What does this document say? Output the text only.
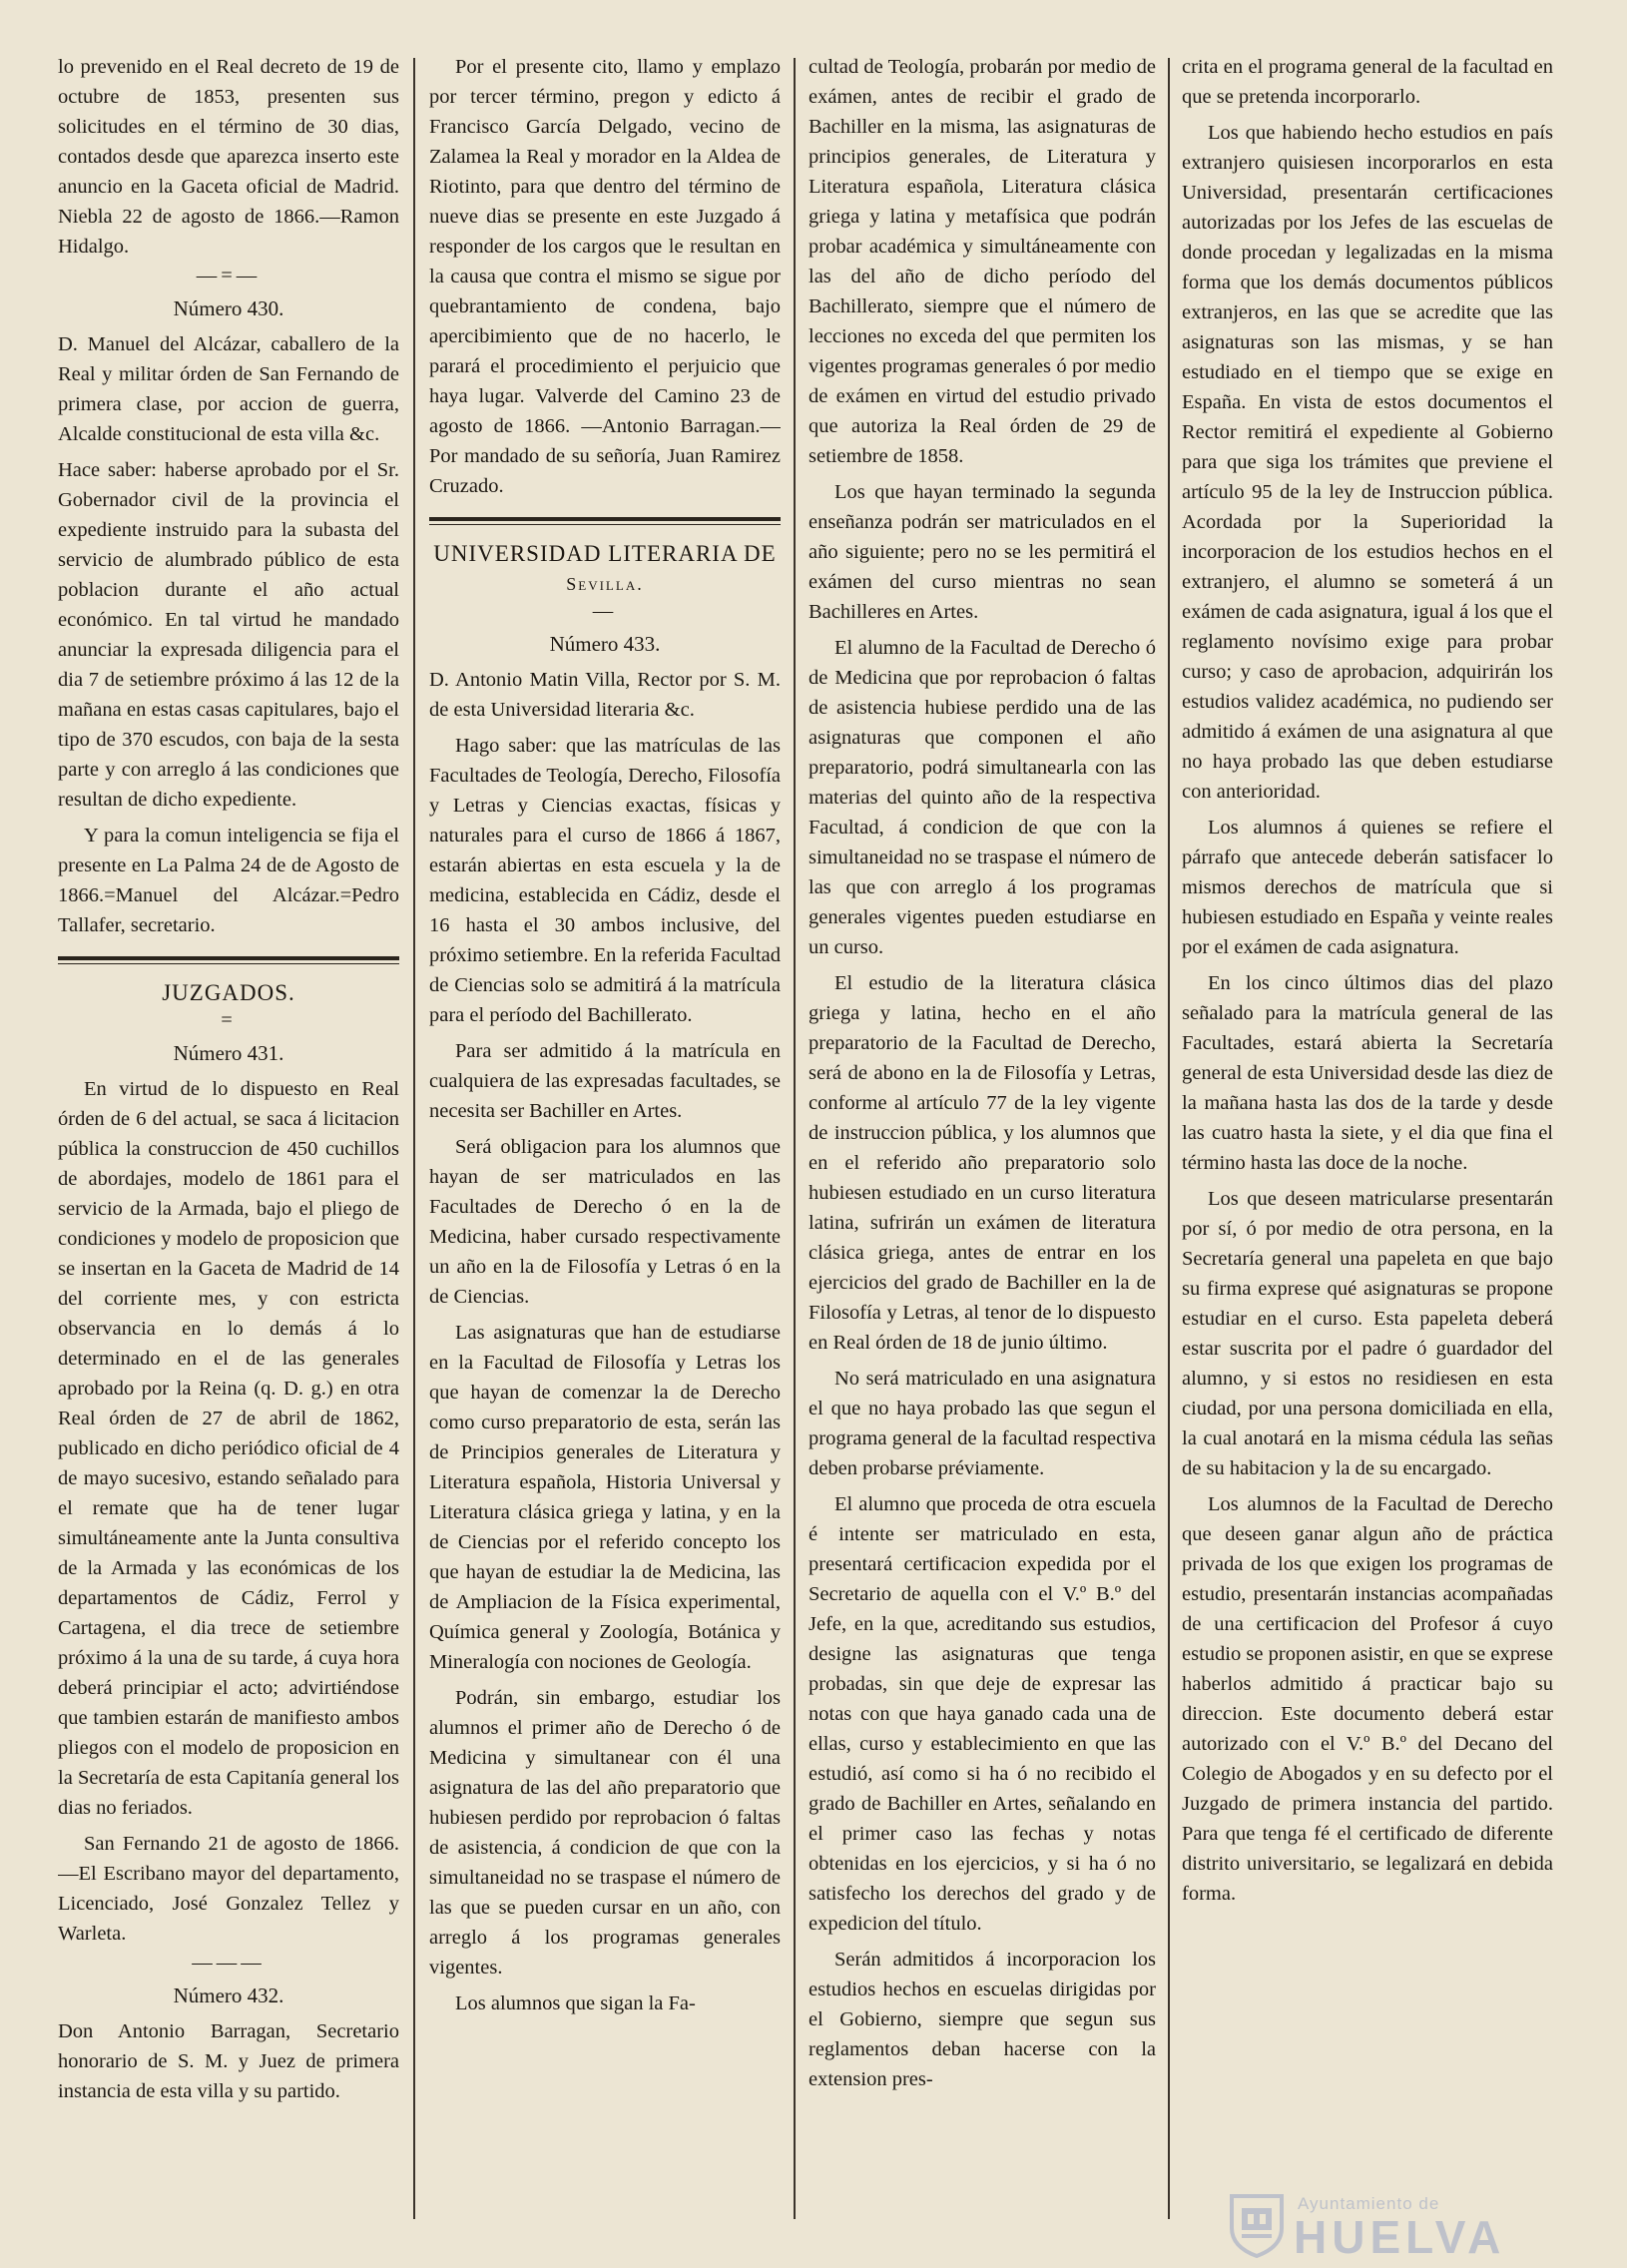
lo prevenido en el Real decreto de 19 de octubre de 1853, presenten sus solicitudes en el término de 30 dias, contados desde que aparezca inserto este anuncio en la Gaceta oficial de Madrid. Niebla 22 de agosto de 1866.—Ramon Hidalgo.

—=—
Número 430.

D. Manuel del Alcázar, caballero de la Real y militar órden de San Fernando de primera clase, por accion de guerra, Alcalde constitucional de esta villa &c.

Hace saber: haberse aprobado por el Sr. Gobernador civil de la provincia el expediente instruido para la subasta del servicio de alumbrado público de esta poblacion durante el año actual económico. En tal virtud he mandado anunciar la expresada diligencia para el dia 7 de setiembre próximo á las 12 de la mañana en estas casas capitulares, bajo el tipo de 370 escudos, con baja de la sesta parte y con arreglo á las condiciones que resultan de dicho expediente.

Y para la comun inteligencia se fija el presente en La Palma 24 de de Agosto de 1866.=Manuel del Alcázar.=Pedro Tallafer, secretario.

JUZGADOS.
=
Número 431.

En virtud de lo dispuesto en Real órden de 6 del actual, se saca á licitacion pública la construccion de 450 cuchillos de abordajes, modelo de 1861 para el servicio de la Armada, bajo el pliego de condiciones y modelo de proposicion que se insertan en la Gaceta de Madrid de 14 del corriente mes, y con estricta observancia en lo demás á lo determinado en el de las generales aprobado por la Reina (q. D. g.) en otra Real órden de 27 de abril de 1862, publicado en dicho periódico oficial de 4 de mayo sucesivo, estando señalado para el remate que ha de tener lugar simultáneamente ante la Junta consultiva de la Armada y las económicas de los departamentos de Cádiz, Ferrol y Cartagena, el dia trece de setiembre próximo á la una de su tarde, á cuya hora deberá principiar el acto; advirtiéndose que tambien estarán de manifiesto ambos pliegos con el modelo de proposicion en la Secretaría de esta Capitanía general los dias no feriados.

San Fernando 21 de agosto de 1866.—El Escribano mayor del departamento, Licenciado, José Gonzalez Tellez y Warleta.

———
Número 432.

Don Antonio Barragan, Secretario honorario de S. M. y Juez de primera instancia de esta villa y su partido.

Por el presente cito, llamo y emplazo por tercer término, pregon y edicto á Francisco García Delgado, vecino de Zalamea la Real y morador en la Aldea de Riotinto, para que dentro del término de nueve dias se presente en este Juzgado á responder de los cargos que le resultan en la causa que contra el mismo se sigue por quebrantamiento de condena, bajo apercibimiento que de no hacerlo, le parará el procedimiento el perjuicio que haya lugar. Valverde del Camino 23 de agosto de 1866. —Antonio Barragan.—Por mandado de su señoría, Juan Ramirez Cruzado.

UNIVERSIDAD LITERARIA DE
Sevilla.
—
Número 433.

D. Antonio Matin Villa, Rector por S. M. de esta Universidad literaria &c.

Hago saber: que las matrículas de las Facultades de Teología, Derecho, Filosofía y Letras y Ciencias exactas, físicas y naturales para el curso de 1866 á 1867, estarán abiertas en esta escuela y la de medicina, establecida en Cádiz, desde el 16 hasta el 30 ambos inclusive, del próximo setiembre. En la referida Facultad de Ciencias solo se admitirá á la matrícula para el período del Bachillerato.

Para ser admitido á la matrícula en cualquiera de las expresadas facultades, se necesita ser Bachiller en Artes.

Será obligacion para los alumnos que hayan de ser matriculados en las Facultades de Derecho ó en la de Medicina, haber cursado respectivamente un año en la de Filosofía y Letras ó en la de Ciencias.

Las asignaturas que han de estudiarse en la Facultad de Filosofía y Letras los que hayan de comenzar la de Derecho como curso preparatorio de esta, serán las de Principios generales de Literatura y Literatura española, Historia Universal y Literatura clásica griega y latina, y en la de Ciencias por el referido concepto los que hayan de estudiar la de Medicina, las de Ampliacion de la Física experimental, Química general y Zoología, Botánica y Mineralogía con nociones de Geología.

Podrán, sin embargo, estudiar los alumnos el primer año de Derecho ó de Medicina y simultanear con él una asignatura de las del año preparatorio que hubiesen perdido por reprobacion ó faltas de asistencia, á condicion de que con la simultaneidad no se traspase el número de las que se pueden cursar en un año, con arreglo á los programas generales vigentes.

Los alumnos que sigan la Fa-

cultad de Teología, probarán por medio de exámen, antes de recibir el grado de Bachiller en la misma, las asignaturas de principios generales, de Literatura y Literatura española, Literatura clásica griega y latina y metafísica que podrán probar académica y simultáneamente con las del año de dicho período del Bachillerato, siempre que el número de lecciones no exceda del que permiten los vigentes programas generales ó por medio de exámen en virtud del estudio privado que autoriza la Real órden de 29 de setiembre de 1858.

Los que hayan terminado la segunda enseñanza podrán ser matriculados en el año siguiente; pero no se les permitirá el exámen del curso mientras no sean Bachilleres en Artes.

El alumno de la Facultad de Derecho ó de Medicina que por reprobacion ó faltas de asistencia hubiese perdido una de las asignaturas que componen el año preparatorio, podrá simultanearla con las materias del quinto año de la respectiva Facultad, á condicion de que con la simultaneidad no se traspase el número de las que con arreglo á los programas generales vigentes pueden estudiarse en un curso.

El estudio de la literatura clásica griega y latina, hecho en el año preparatorio de la Facultad de Derecho, será de abono en la de Filosofía y Letras, conforme al artículo 77 de la ley vigente de instruccion pública, y los alumnos que en el referido año preparatorio solo hubiesen estudiado en un curso literatura latina, sufrirán un exámen de literatura clásica griega, antes de entrar en los ejercicios del grado de Bachiller en la de Filosofía y Letras, al tenor de lo dispuesto en Real órden de 18 de junio último.

No será matriculado en una asignatura el que no haya probado las que segun el programa general de la facultad respectiva deben probarse préviamente.

El alumno que proceda de otra escuela é intente ser matriculado en esta, presentará certificacion expedida por el Secretario de aquella con el V.º B.º del Jefe, en la que, acreditando sus estudios, designe las asignaturas que tenga probadas, sin que deje de expresar las notas con que haya ganado cada una de ellas, curso y establecimiento en que las estudió, así como si ha ó no recibido el grado de Bachiller en Artes, señalando en el primer caso las fechas y notas obtenidas en los ejercicios, y si ha ó no satisfecho los derechos del grado y de expedicion del título.

Serán admitidos á incorporacion los estudios hechos en escuelas dirigidas por el Gobierno, siempre que segun sus reglamentos deban hacerse con la extension pres-

crita en el programa general de la facultad en que se pretenda incorporarlo.

Los que habiendo hecho estudios en país extranjero quisiesen incorporarlos en esta Universidad, presentarán certificaciones autorizadas por los Jefes de las escuelas de donde procedan y legalizadas en la misma forma que los demás documentos públicos extranjeros, en las que se acredite que las asignaturas son las mismas, y se han estudiado en el tiempo que se exige en España. En vista de estos documentos el Rector remitirá el expediente al Gobierno para que siga los trámites que previene el artículo 95 de la ley de Instruccion pública. Acordada por la Superioridad la incorporacion de los estudios hechos en el extranjero, el alumno se someterá á un exámen de cada asignatura, igual á los que el reglamento novísimo exige para probar curso; y caso de aprobacion, adquirirán los estudios validez académica, no pudiendo ser admitido á exámen de una asignatura al que no haya probado las que deben estudiarse con anterioridad.

Los alumnos á quienes se refiere el párrafo que antecede deberán satisfacer lo mismos derechos de matrícula que si hubiesen estudiado en España y veinte reales por el exámen de cada asignatura.

En los cinco últimos dias del plazo señalado para la matrícula general de las Facultades, estará abierta la Secretaría general de esta Universidad desde las diez de la mañana hasta las dos de la tarde y desde las cuatro hasta la siete, y el dia que fina el término hasta las doce de la noche.

Los que deseen matricularse presentarán por sí, ó por medio de otra persona, en la Secretaría general una papeleta en que bajo su firma exprese qué asignaturas se propone estudiar en el curso. Esta papeleta deberá estar suscrita por el padre ó guardador del alumno, y si estos no residiesen en esta ciudad, por una persona domiciliada en ella, la cual anotará en la misma cédula las señas de su habitacion y la de su encargado.

Los alumnos de la Facultad de Derecho que deseen ganar algun año de práctica privada de los que exigen los programas de estudio, presentarán instancias acompañadas de una certificacion del Profesor á cuyo estudio se proponen asistir, en que se exprese haberlos admitido á practicar bajo su direccion. Este documento deberá estar autorizado con el V.º B.º del Decano del Colegio de Abogados y en su defecto por el Juzgado de primera instancia del partido. Para que tenga fé el certificado de diferente distrito universitario, se legalizará en debida forma.

Ayuntamiento de
HUELVA
